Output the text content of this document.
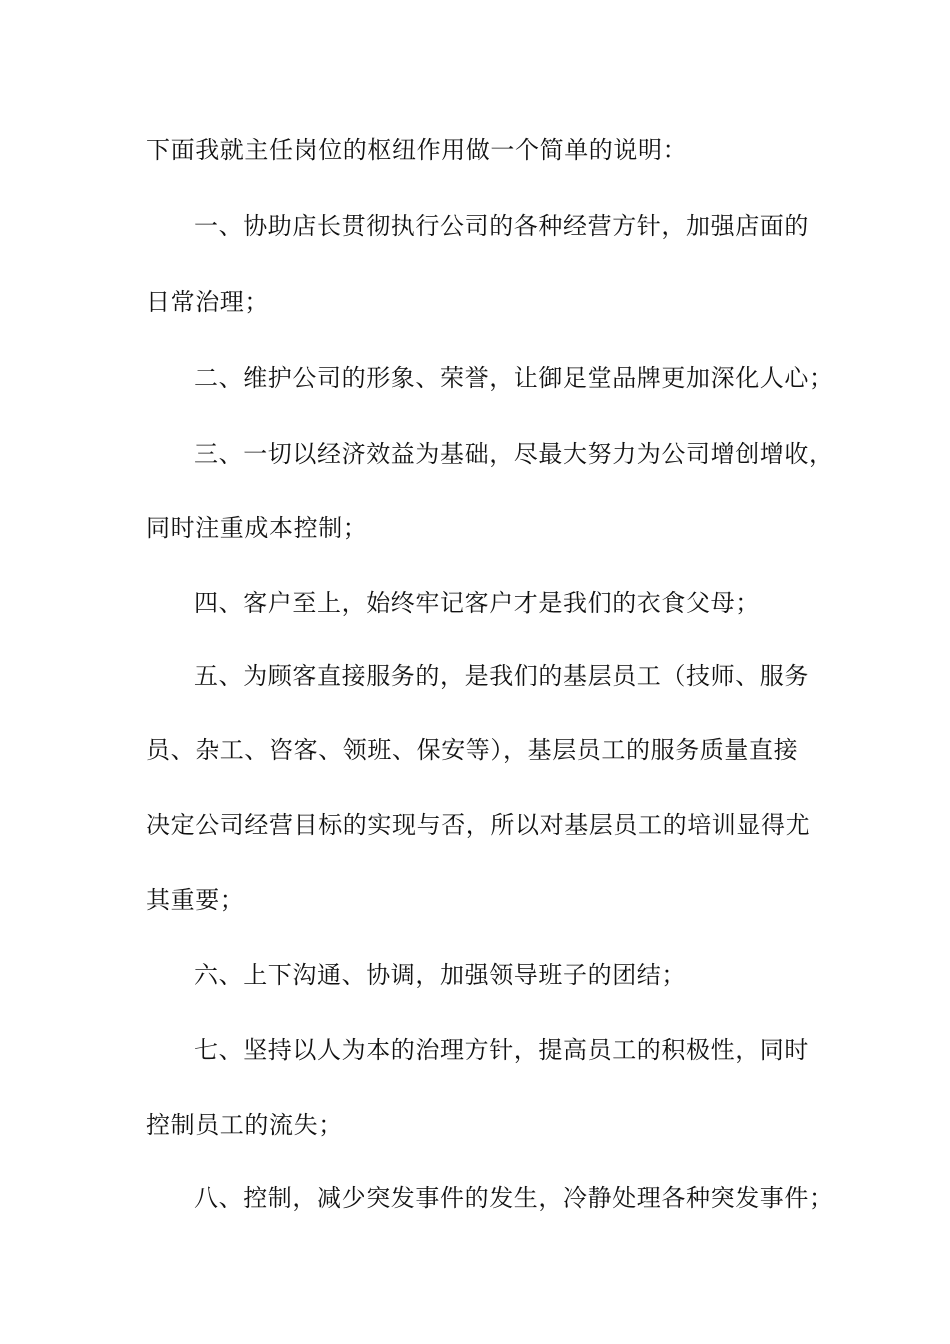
下面我就主任岗位的枢纽作用做一个简单的说明：

一、协助店长贯彻执行公司的各种经营方针，加强店面的

日常治理；

二、维护公司的形象、荣誉，让御足堂品牌更加深化人心；

三、一切以经济效益为基础，尽最大努力为公司增创增收，

同时注重成本控制；

四、客户至上，始终牢记客户才是我们的衣食父母；

五、为顾客直接服务的，是我们的基层员工（技师、服务

员、杂工、咨客、领班、保安等），基层员工的服务质量直接

决定公司经营目标的实现与否，所以对基层员工的培训显得尤

其重要；

六、上下沟通、协调，加强领导班子的团结；

七、坚持以人为本的治理方针，提高员工的积极性，同时

控制员工的流失；

八、控制，减少突发事件的发生，冷静处理各种突发事件；
